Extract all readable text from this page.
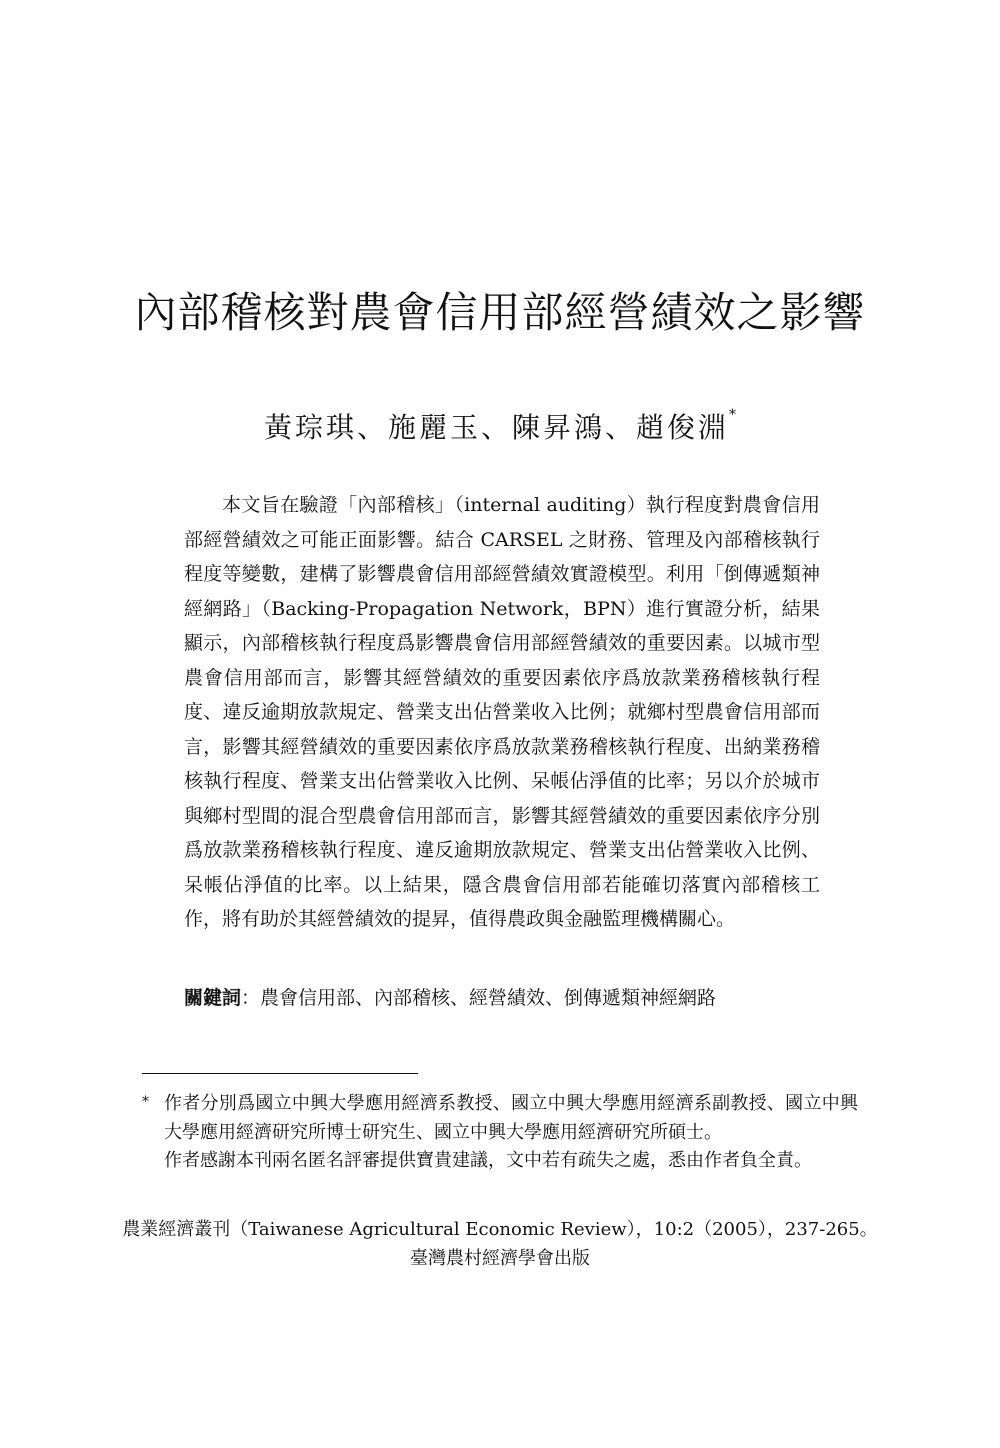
內部稽核對農會信用部經營績效之影響
黃琮琪、施麗玉、陳昇鴻、趙俊淵*

本文旨在驗證「內部稽核」（internal auditing）執行程度對農會信用部經營績效之可能正面影響。結合 CARSEL 之財務、管理及內部稽核執行程度等變數，建構了影響農會信用部經營績效實證模型。利用「倒傳遞類神經網路」（Backing-Propagation Network，BPN）進行實證分析，結果顯示，內部稽核執行程度爲影響農會信用部經營績效的重要因素。以城市型農會信用部而言，影響其經營績效的重要因素依序爲放款業務稽核執行程度、違反逾期放款規定、營業支出佔營業收入比例；就鄉村型農會信用部而言，影響其經營績效的重要因素依序爲放款業務稽核執行程度、出納業務稽核執行程度、營業支出佔營業收入比例、呆帳佔淨值的比率；另以介於城市與鄉村型間的混合型農會信用部而言，影響其經營績效的重要因素依序分別爲放款業務稽核執行程度、違反逾期放款規定、營業支出佔營業收入比例、呆帳佔淨值的比率。以上結果，隱含農會信用部若能確切落實內部稽核工作，將有助於其經營績效的提昇，值得農政與金融監理機構關心。

關鍵詞：農會信用部、內部稽核、經營績效、倒傳遞類神經網路
* 作者分別爲國立中興大學應用經濟系教授、國立中興大學應用經濟系副教授、國立中興大學應用經濟研究所博士研究生、國立中興大學應用經濟研究所碩士。

作者感謝本刊兩名匿名評審提供寶貴建議，文中若有疏失之處，悉由作者負全責。

農業經濟叢刊（Taiwanese Agricultural Economic Review），10:2（2005），237-265。
臺灣農村經濟學會出版
